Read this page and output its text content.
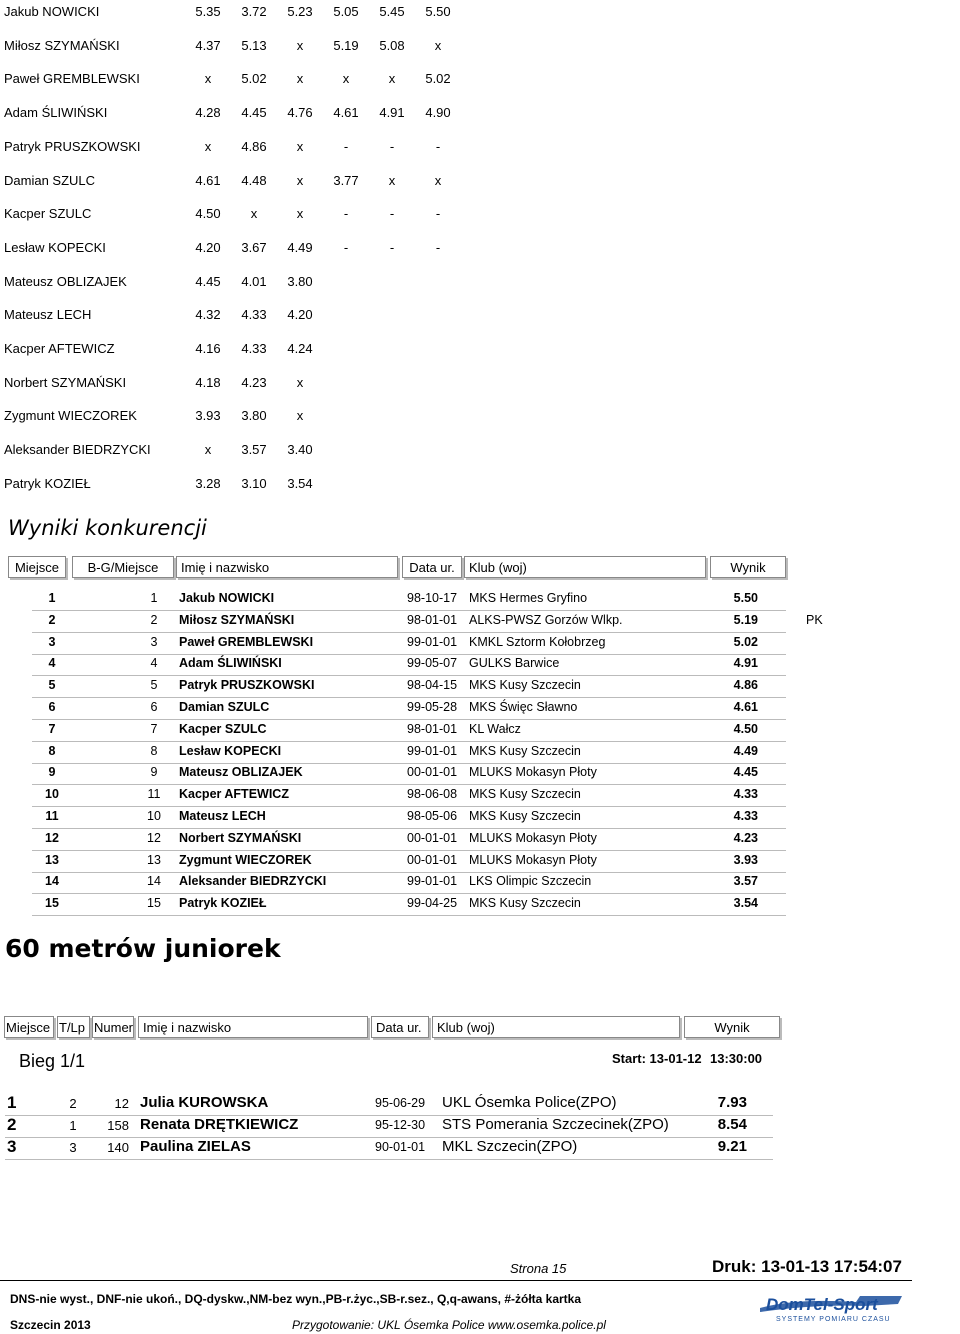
Jakub NOWICKI	5.35 3.72 5.23 5.05 5.45 5.50
Miłosz SZYMAŃSKI	4.37 5.13	x	5.19 5.08	x
Paweł GREMBLEWSKI	x	5.02	x	x	x	5.02
Adam ŚLIWIŃSKI	4.28 4.45 4.76 4.61 4.91 4.90
Patryk PRUSZKOWSKI	x	4.86	x	-	-	-
Damian SZULC	4.61 4.48	x	3.77	x	x
Kacper SZULC	4.50	x	x	-	-	-
Lesław KOPECKI	4.20 3.67 4.49	-	-	-
Mateusz OBLIZAJEK	4.45 4.01 3.80
Mateusz LECH	4.32 4.33 4.20
Kacper AFTEWICZ	4.16 4.33 4.24
Norbert SZYMAŃSKI	4.18 4.23	x
Zygmunt WIECZOREK	3.93 3.80	x
Aleksander BIEDRZYCKI	x	3.57 3.40
Patryk KOZIEŁ	3.28 3.10 3.54
Wyniki konkurencji
Miejsce	B-G/Miejsce	Imię i nazwisko	Data ur.	Klub (woj)	Wynik
1	1	Jakub NOWICKI	98-10-17 MKS Hermes Gryfino	5.50
2	2	Miłosz SZYMAŃSKI	98-01-01 ALKS-PWSZ Gorzów Wlkp.	5.19	PK
3	3	Paweł GREMBLEWSKI	99-01-01 KMKL Sztorm Kołobrzeg	5.02
4	4	Adam ŚLIWIŃSKI	99-05-07 GULKS Barwice	4.91
5	5	Patryk PRUSZKOWSKI	98-04-15 MKS Kusy Szczecin	4.86
6	6	Damian SZULC	99-05-28 MKS Święc Sławno	4.61
7	7	Kacper SZULC	98-01-01 KL Wałcz	4.50
8	8	Lesław KOPECKI	99-01-01 MKS Kusy Szczecin	4.49
9	9	Mateusz OBLIZAJEK	00-01-01 MLUKS Mokasyn Płoty	4.45
10	11	Kacper AFTEWICZ	98-06-08 MKS Kusy Szczecin	4.33
11	10	Mateusz LECH	98-05-06 MKS Kusy Szczecin	4.33
12	12	Norbert SZYMAŃSKI	00-01-01 MLUKS Mokasyn Płoty	4.23
13	13	Zygmunt WIECZOREK	00-01-01 MLUKS Mokasyn Płoty	3.93
14	14	Aleksander BIEDRZYCKI	99-01-01 LKS Olimpic Szczecin	3.57
15	15	Patryk KOZIEŁ	99-04-25 MKS Kusy Szczecin	3.54
60 metrów juniorek
Miejsce T/Lp Numer Imię i nazwisko	Data ur.	Klub (woj)	Wynik
Bieg 1/1	Start: 13-01-12 13:30:00
1	2	12 Julia KUROWSKA	95-06-29 UKL Ósemka Police(ZPO)	7.93
2	1	158 Renata DRĘTKIEWICZ	95-12-30 STS Pomerania Szczecinek(ZPO)	8.54
3	3	140 Paulina ZIELAS	90-01-01 MKL Szczecin(ZPO)	9.21
Strona 15	Druk: 13-01-13 17:54:07
DNS-nie wyst., DNF-nie ukoń., DQ-dyskw.,NM-bez wyn.,PB-r.życ.,SB-r.sez., Q,q-awans, #-żółta kartka
Szczecin 2013	Przygotowanie: UKL Ósemka Police www.osemka.police.pl
DomTel-Sport
SYSTEMY POMIARU CZASU
